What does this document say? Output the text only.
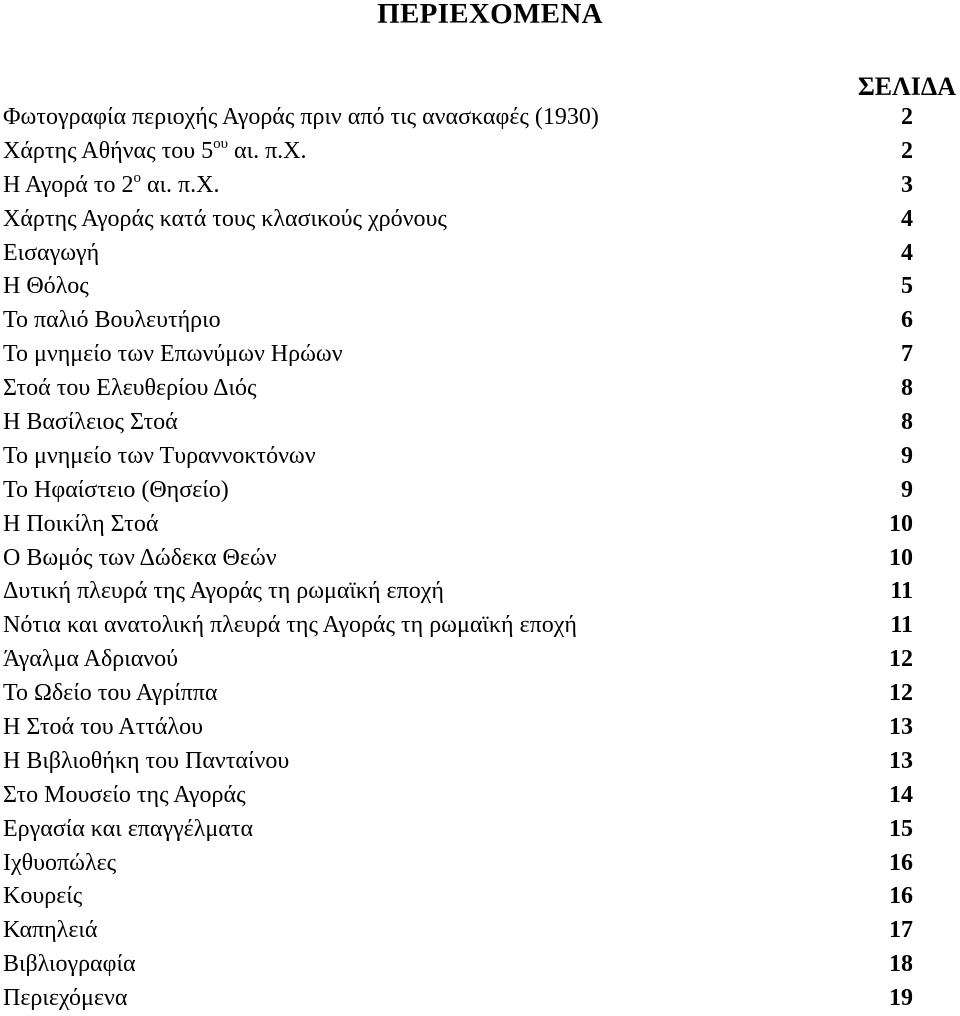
ΠΕΡΙΕΧΟΜΕΝΑ
ΣΕΛΙΔΑ
Φωτογραφία περιοχής Αγοράς πριν από τις ανασκαφές (1930)	2
Χάρτης Αθήνας του $5^{o\upsilon}$ αι. π.Χ.	2
Η Αγορά το $2^o$ αι. π.Χ.	3
Χάρτης Αγοράς κατά τους κλασικούς χρόνους	4
Εισαγωγή	4
Η Θόλος	5
Το παλιό Βουλευτήριο	6
Το μνημείο των Επωνύμων Ηρώων	7
Στοά του Ελευθερίου Διός	8
Η Βασίλειος Στοά	8
Το μνημείο των Τυραννοκτόνων	9
Το Ηφαίστειο (Θησείο)	9
Η Ποικίλη Στοά	10
Ο Βωμός των Δώδεκα Θεών	10
Δυτική πλευρά της Αγοράς τη ρωμαϊκή εποχή	11
Νότια και ανατολική πλευρά της Αγοράς τη ρωμαϊκή εποχή	11
Άγαλμα Αδριανού	12
Το Ωδείο του Αγρίππα	12
Η Στοά του Αττάλου	13
Η Βιβλιοθήκη του Πανταίνου	13
Στο Μουσείο της Αγοράς	14
Εργασία και επαγγέλματα	15
Ιχθυοπώλες	16
Κουρείς	16
Καπηλειά	17
Βιβλιογραφία	18
Περιεχόμενα	19
